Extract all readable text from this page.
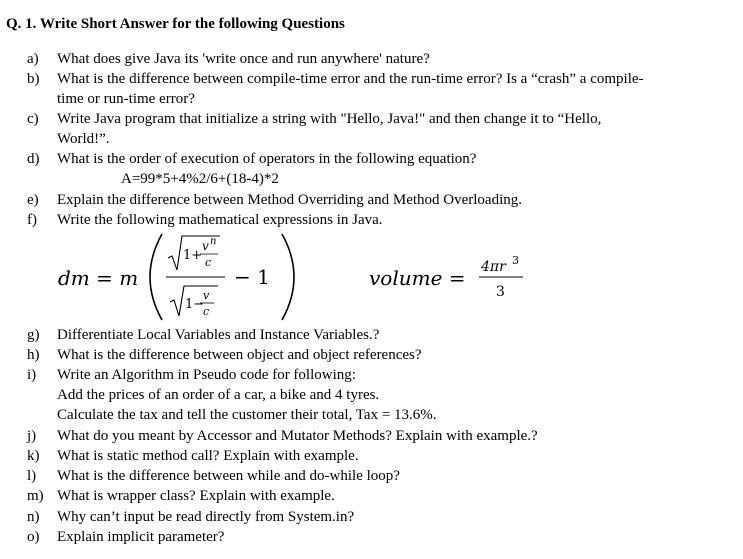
Q. 1. Write Short Answer for the following Questions
a) What does give Java its 'write once and run anywhere' nature?
b) What is the difference between compile-time error and the run-time error? Is a “crash” a compile-
time or run-time error?
c) Write Java program that initialize a string with "Hello, Java!" and then change it to “Hello,
World!”.
d) What is the order of execution of operators in the following equation?
A=99*5+4%2/6+(18-4)*2
e) Explain the difference between Method Overriding and Method Overloading.
f) Write the following mathematical expressions in Java.
dm = m
1+
v n
c
1−
v
c
− 1	volume = 4πr 3
3
g) Differentiate Local Variables and Instance Variables.?
h) What is the difference between object and object references?
i) Write an Algorithm in Pseudo code for following:
Add the prices of an order of a car, a bike and 4 tyres.
Calculate the tax and tell the customer their total, Tax = 13.6%.
j) What do you meant by Accessor and Mutator Methods? Explain with example.?
k) What is static method call? Explain with example.
l) What is the difference between while and do-while loop?
m) What is wrapper class? Explain with example.
n) Why can’t input be read directly from System.in?
o) Explain implicit parameter?
